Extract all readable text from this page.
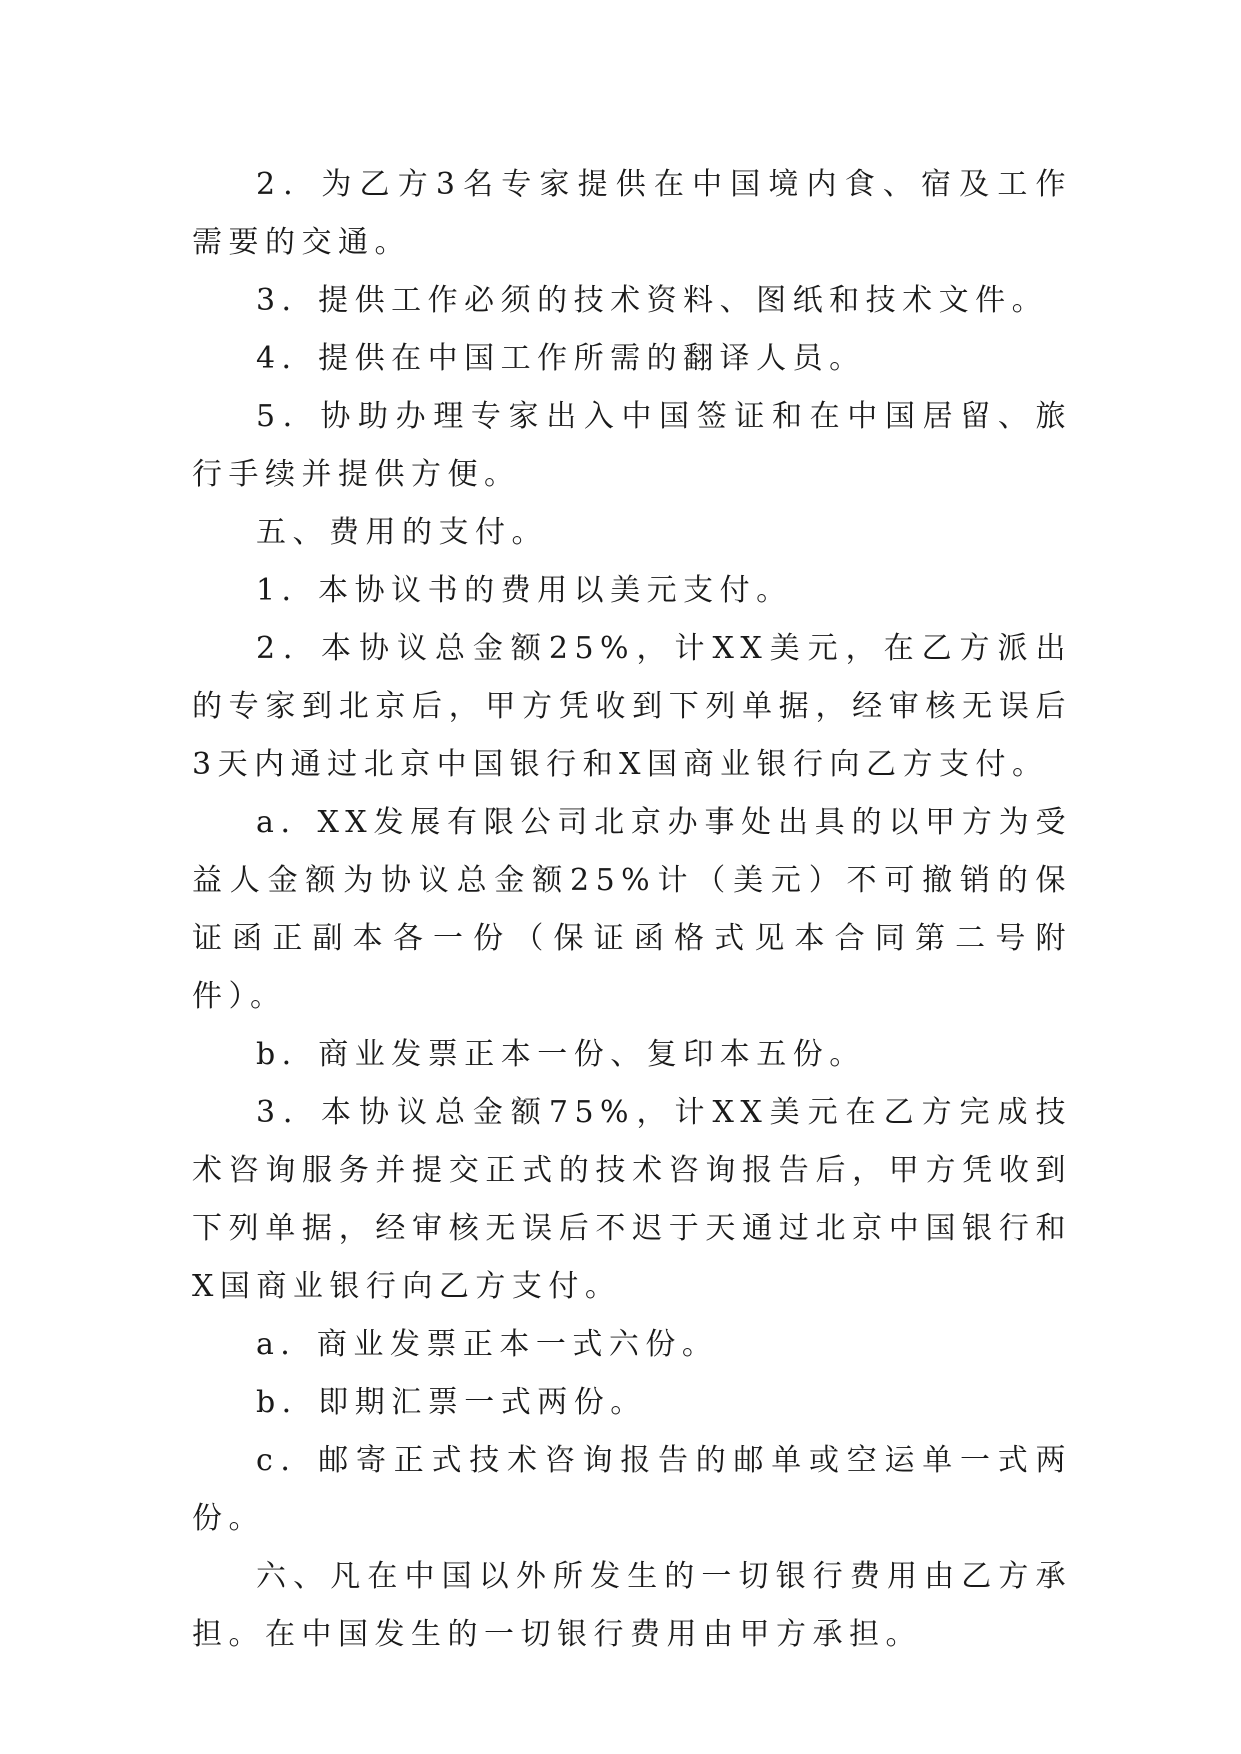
2．为乙方3名专家提供在中国境内食、宿及工作需要的交通。

3．提供工作必须的技术资料、图纸和技术文件。

4．提供在中国工作所需的翻译人员。

5．协助办理专家出入中国签证和在中国居留、旅行手续并提供方便。

五、费用的支付。

1．本协议书的费用以美元支付。

2．本协议总金额25%，计XX美元，在乙方派出的专家到北京后，甲方凭收到下列单据，经审核无误后3天内通过北京中国银行和X国商业银行向乙方支付。

a．XX发展有限公司北京办事处出具的以甲方为受益人金额为协议总金额25%计（美元）不可撤销的保证函正副本各一份（保证函格式见本合同第二号附件）。

b．商业发票正本一份、复印本五份。

3．本协议总金额75%，计XX美元在乙方完成技术咨询服务并提交正式的技术咨询报告后，甲方凭收到下列单据，经审核无误后不迟于天通过北京中国银行和X国商业银行向乙方支付。

a．商业发票正本一式六份。

b．即期汇票一式两份。

c．邮寄正式技术咨询报告的邮单或空运单一式两份。

六、凡在中国以外所发生的一切银行费用由乙方承担。在中国发生的一切银行费用由甲方承担。
